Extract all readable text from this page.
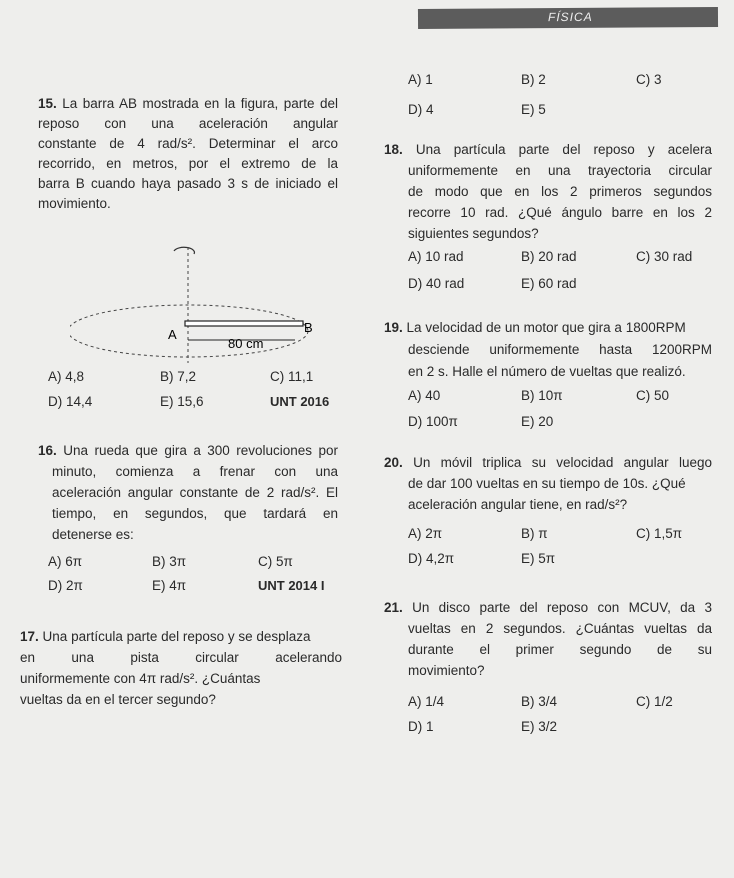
FÍSICA
15. La barra AB mostrada en la figura, parte del
reposo con una aceleración angular
constante de 4 rad/s². Determinar el arco
recorrido, en metros, por el extremo de la
barra B cuando haya pasado 3 s de iniciado el
movimiento.
A	B
80 cm
A) 4,8	B) 7,2	C) 11,1
D) 14,4	E) 15,6	UNT 2016
16. Una rueda que gira a 300 revoluciones por
minuto, comienza a frenar con una
aceleración angular constante de 2 rad/s². El
tiempo, en segundos, que tardará en
detenerse es:
A) 6π	B) 3π	C) 5π
D) 2π	E) 4π	UNT 2014 I
17. Una partícula parte del reposo y se desplaza
en una pista circular acelerando
uniformemente con 4π rad/s². ¿Cuántas
vueltas da en el tercer segundo?
A) 1	B) 2	C) 3
D) 4	E) 5
18. Una partícula parte del reposo y acelera
uniformemente en una trayectoria circular
de modo que en los 2 primeros segundos
recorre 10 rad. ¿Qué ángulo barre en los 2
siguientes segundos?
A) 10 rad	B) 20 rad	C) 30 rad
D) 40 rad	E) 60 rad
19. La velocidad de un motor que gira a 1800RPM
desciende uniformemente hasta 1200RPM
en 2 s. Halle el número de vueltas que realizó.
A) 40	B) 10π	C) 50
D) 100π	E) 20
20. Un móvil triplica su velocidad angular luego
de dar 100 vueltas en su tiempo de 10s. ¿Qué
aceleración angular tiene, en rad/s²?
A) 2π	B) π	C) 1,5π
D) 4,2π	E) 5π
21. Un disco parte del reposo con MCUV, da 3
vueltas en 2 segundos. ¿Cuántas vueltas da
durante el primer segundo de su
movimiento?
A) 1/4	B) 3/4	C) 1/2
D) 1	E) 3/2
